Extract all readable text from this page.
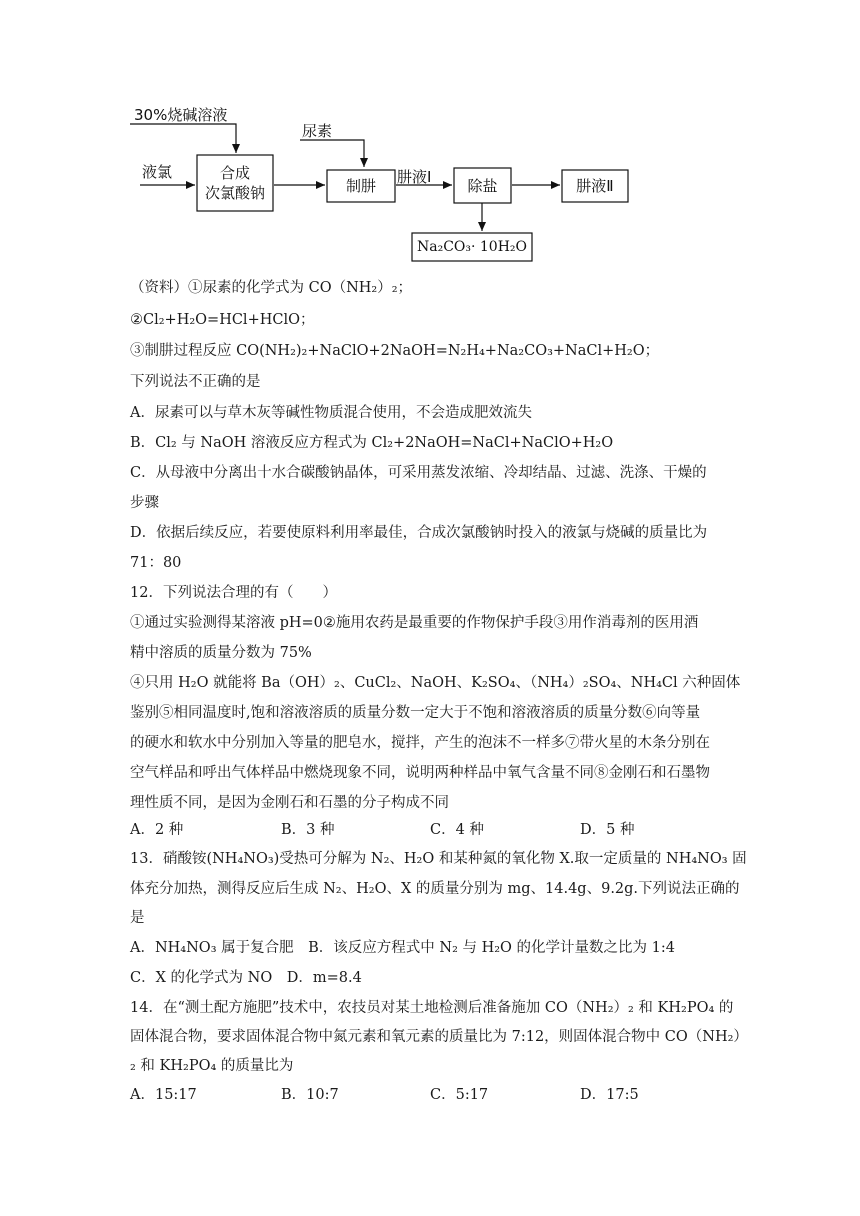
30%烧碱溶液
液氯
尿素
合成
次氯酸钠	制肼	肼液Ⅰ	除盐	肼液Ⅱ
Na₂CO₃· 10H₂O
（资料）①尿素的化学式为 CO（NH₂）₂；
②Cl₂+H₂O=HCl+HClO；
③制肼过程反应 CO(NH₂)₂+NaClO+2NaOH=N₂H₄+Na₂CO₃+NaCl+H₂O；
下列说法不正确的是
A．尿素可以与草木灰等碱性物质混合使用，不会造成肥效流失
B．Cl₂ 与 NaOH 溶液反应方程式为 Cl₂+2NaOH=NaCl+NaClO+H₂O
C．从母液中分离出十水合碳酸钠晶体，可采用蒸发浓缩、冷却结晶、过滤、洗涤、干燥的
步骤
D．依据后续反应，若要使原料利用率最佳，合成次氯酸钠时投入的液氯与烧碱的质量比为
71：80
12．下列说法合理的有（　　）
①通过实验测得某溶液 pH=0②施用农药是最重要的作物保护手段③用作消毒剂的医用酒
精中溶质的质量分数为 75%
④只用 H₂O 就能将 Ba（OH）₂、CuCl₂、NaOH、K₂SO₄、（NH₄）₂SO₄、NH₄Cl 六种固体
鉴别⑤相同温度时,饱和溶液溶质的质量分数一定大于不饱和溶液溶质的质量分数⑥向等量
的硬水和软水中分别加入等量的肥皂水，搅拌，产生的泡沫不一样多⑦带火星的木条分别在
空气样品和呼出气体样品中燃烧现象不同，说明两种样品中氧气含量不同⑧金刚石和石墨物
理性质不同，是因为金刚石和石墨的分子构成不同
A．2 种	B．3 种	C．4 种	D．5 种
13．硝酸铵(NH₄NO₃)受热可分解为 N₂、H₂O 和某种氮的氧化物 X.取一定质量的 NH₄NO₃ 固
体充分加热，测得反应后生成 N₂、H₂O、X 的质量分别为 mg、14.4g、9.2g.下列说法正确的
是
A．NH₄NO₃ 属于复合肥　B．该反应方程式中 N₂ 与 H₂O 的化学计量数之比为 1:4
C．X 的化学式为 NO　D．m=8.4
14．在“测土配方施肥”技术中，农技员对某土地检测后准备施加 CO（NH₂）₂ 和 KH₂PO₄ 的
固体混合物，要求固体混合物中氮元素和氧元素的质量比为 7:12，则固体混合物中 CO（NH₂）
₂ 和 KH₂PO₄ 的质量比为
A．15:17	B．10:7	C．5:17	D．17:5
